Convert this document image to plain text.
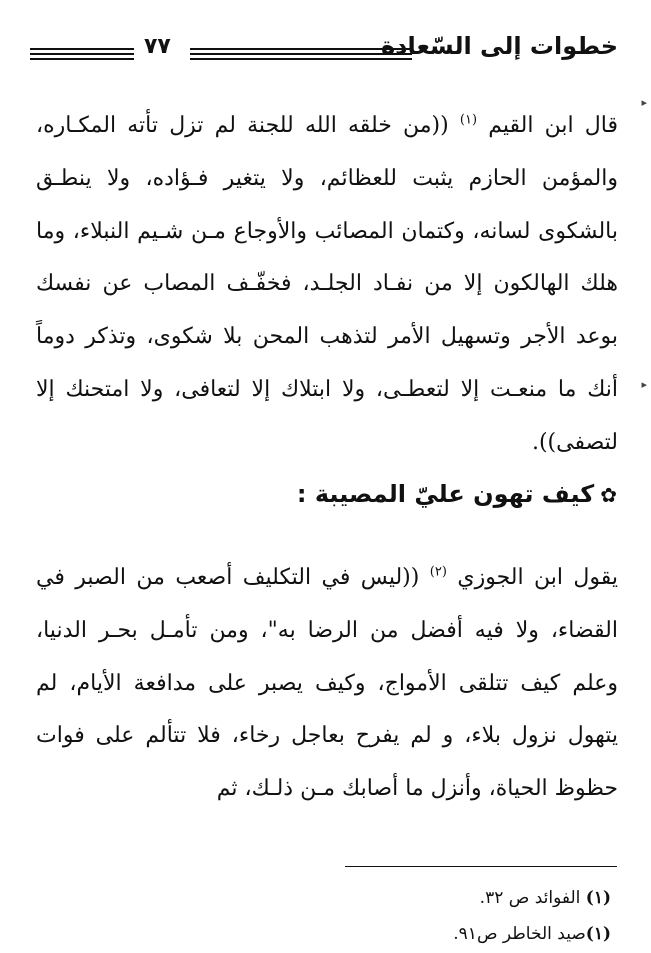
٧٧	خطوات إلى السّعادة
▸
▸
قال ابن القيم $^{(١)}$ ((من خلقه الله للجنة لم تزل تأته المكـاره، والمؤمن الحازم يثبت للعظائم، ولا يتغير فـؤاده، ولا ينطـق بالشكوى لسانه، وكتمان المصائب والأوجاع مـن شـيم النبلاء، وما هلك الهالكون إلا من نفـاد الجلـد، فخفّـف المصاب عن نفسك بوعد الأجر وتسهيل الأمر لتذهب المحن بلا شكوى، وتذكر دوماً أنك ما منعـت إلا لتعطـى، ولا ابتلاك إلا لتعافى، ولا امتحنك إلا لتصفى)).
✿كيف تهون عليّ المصيبة :
يقول ابن الجوزي $^{(٢)}$ ((ليس في التكليف أصعب من الصبر في القضاء، ولا فيه أفضل من الرضا به"، ومن تأمـل بحـر الدنيا، وعلم كيف تتلقى الأمواج، وكيف يصبر على مدافعة الأيام، لم يتهول نزول بلاء، و لم يفرح بعاجل رخاء، فلا تتألم على فوات حظوظ الحياة، وأنزل ما أصابك مـن ذلـك، ثم
(١) الفوائد ص ٣٢.
(١)صيد الخاطر ص٩١.
